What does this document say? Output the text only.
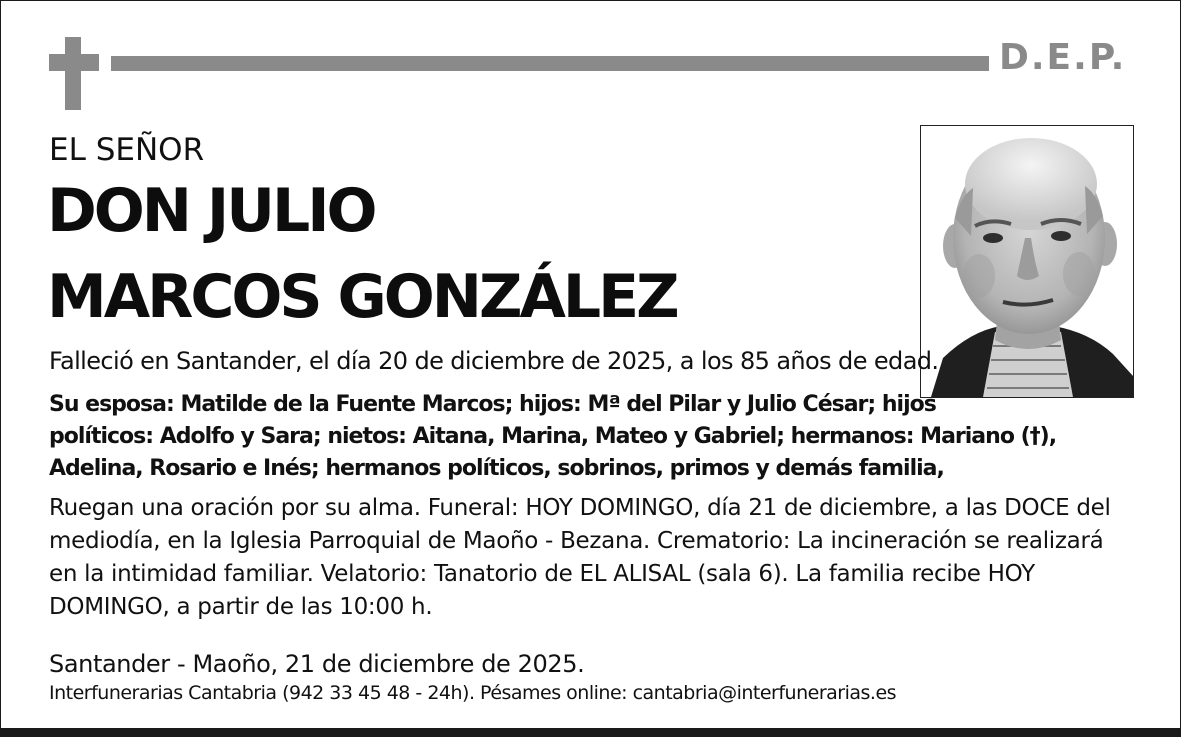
D.E.P.
EL SEÑOR
DON JULIO
MARCOS GONZÁLEZ
Falleció en Santander, el día 20 de diciembre de 2025, a los 85 años de edad.
Su esposa: Matilde de la Fuente Marcos; hijos: Mª del Pilar y Julio César; hijos
políticos: Adolfo y Sara; nietos: Aitana, Marina, Mateo y Gabriel; hermanos: Mariano (†),
Adelina, Rosario e Inés; hermanos políticos, sobrinos, primos y demás familia,
Ruegan una oración por su alma. Funeral: HOY DOMINGO, día 21 de diciembre, a las DOCE del
mediodía, en la Iglesia Parroquial de Maoño - Bezana. Crematorio: La incineración se realizará
en la intimidad familiar. Velatorio: Tanatorio de EL ALISAL (sala 6). La familia recibe HOY
DOMINGO, a partir de las 10:00 h.
Santander - Maoño, 21 de diciembre de 2025.
Interfunerarias Cantabria (942 33 45 48 - 24h). Pésames online: cantabria@interfunerarias.es
